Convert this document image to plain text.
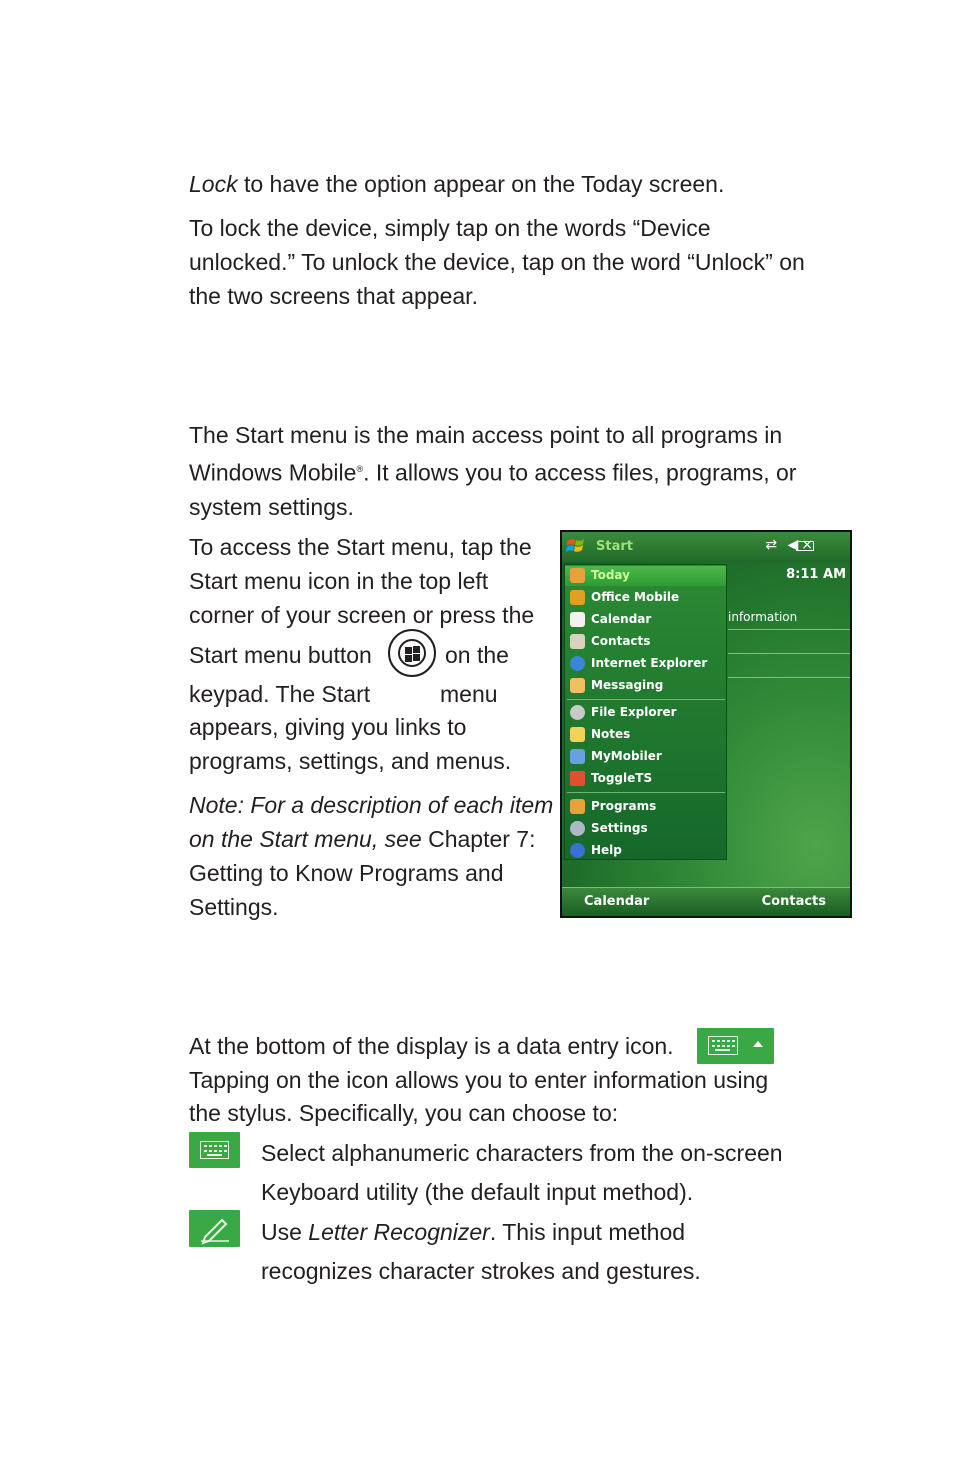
Lock to have the option appear on the Today screen.

To lock the device, simply tap on the words “Device
unlocked.” To unlock the device, tap on the word “Unlock” on
the two screens that appear.

The Start menu is the main access point to all programs in
Windows Mobile®. It allows you to access files, programs, or
system settings.

To access the Start menu, tap the
Start menu icon in the top left
corner of your screen or press the
Start menu button	on the
keypad. The Start	menu
appears, giving you links to
programs, settings, and menus.
Note: For a description of each item
on the Start menu, see Chapter 7:
Getting to Know Programs and
Settings.
Start	⇄ ◀×
8:11 AM
information
Today
Office Mobile
Calendar
Contacts
Internet Explorer
Messaging
File Explorer
Notes
MyMobiler
ToggleTS
Programs
Settings
Help
Calendar	Contacts
At the bottom of the display is a data entry icon.
Tapping on the icon allows you to enter information using
the stylus. Specifically, you can choose to:
Select alphanumeric characters from the on-screen
Keyboard utility (the default input method).
Use Letter Recognizer. This input method
recognizes character strokes and gestures.
